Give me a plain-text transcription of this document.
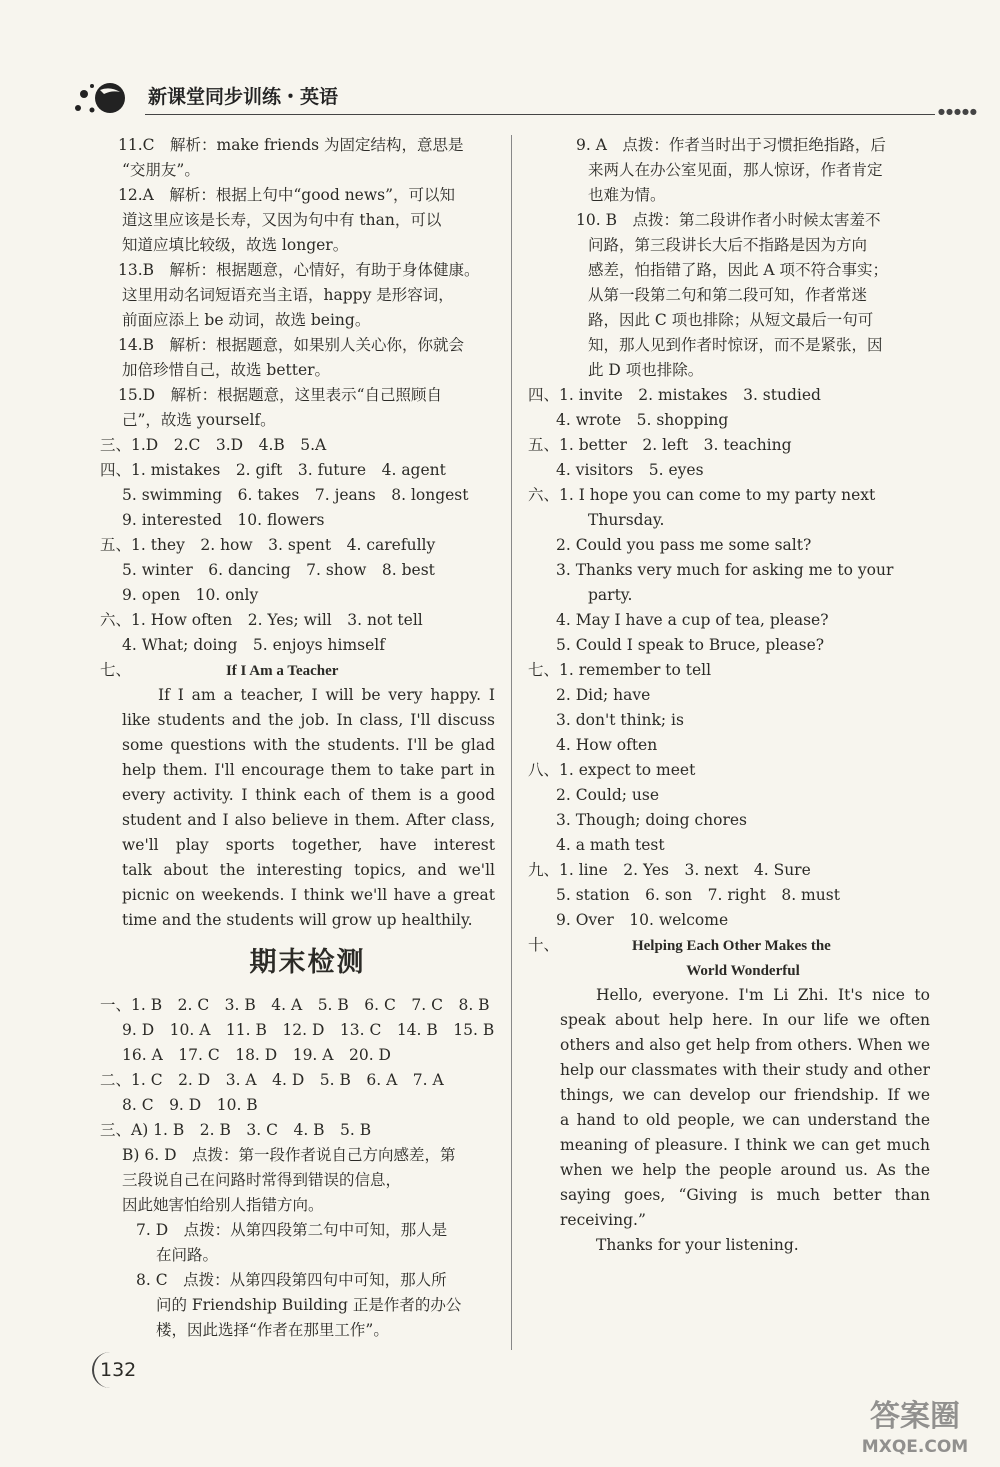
新课堂同步训练・英语
●●●●●
11.C　解析：make friends 为固定结构，意思是
“交朋友”。
12.A　解析：根据上句中“good news”，可以知
道这里应该是长寿，又因为句中有 than，可以
知道应填比较级，故选 longer。
13.B　解析：根据题意，心情好，有助于身体健康。
这里用动名词短语充当主语，happy 是形容词，
前面应添上 be 动词，故选 being。
14.B　解析：根据题意，如果别人关心你，你就会
加倍珍惜自己，故选 better。
15.D　解析：根据题意，这里表示“自己照顾自
己”，故选 yourself。
三、1.D　2.C　3.D　4.B　5.A
四、1. mistakes　2. gift　3. future　4. agent
5. swimming　6. takes　7. jeans　8. longest
9. interested　10. flowers
五、1. they　2. how　3. spent　4. carefully
5. winter　6. dancing　7. show　8. best
9. open　10. only
六、1. How often　2. Yes; will　3. not tell
4. What; doing　5. enjoys himself
七、	If I Am a Teacher
If I am a teacher, I will be very happy. I
like students and the job. In class, I'll discuss
some questions with the students. I'll be glad
help them. I'll encourage them to take part in
every activity. I think each of them is a good
student and I also believe in them. After class,
we'll play sports together, have interest
talk about the interesting topics, and we'll
picnic on weekends. I think we'll have a great
time and the students will grow up healthily.
期末检测
一、1. B　2. C　3. B　4. A　5. B　6. C　7. C　8. B
9. D　10. A　11. B　12. D　13. C　14. B　15. B
16. A　17. C　18. D　19. A　20. D
二、1. C　2. D　3. A　4. D　5. B　6. A　7. A
8. C　9. D　10. B
三、A) 1. B　2. B　3. C　4. B　5. B
B) 6. D　点拨：第一段作者说自己方向感差，第
三段说自己在问路时常得到错误的信息，
因此她害怕给别人指错方向。
7. D　点拨：从第四段第二句中可知，那人是
在问路。
8. C　点拨：从第四段第四句中可知，那人所
问的 Friendship Building 正是作者的办公
楼，因此选择“作者在那里工作”。
9. A　点拨：作者当时出于习惯拒绝指路，后
来两人在办公室见面，那人惊讶，作者肯定
也难为情。
10. B　点拨：第二段讲作者小时候太害羞不
问路，第三段讲长大后不指路是因为方向
感差，怕指错了路，因此 A 项不符合事实；
从第一段第二句和第二段可知，作者常迷
路，因此 C 项也排除；从短文最后一句可
知，那人见到作者时惊讶，而不是紧张，因
此 D 项也排除。
四、1. invite　2. mistakes　3. studied
4. wrote　5. shopping
五、1. better　2. left　3. teaching
4. visitors　5. eyes
六、1. I hope you can come to my party next
Thursday.
2. Could you pass me some salt?
3. Thanks very much for asking me to your
party.
4. May I have a cup of tea, please?
5. Could I speak to Bruce, please?
七、1. remember to tell
2. Did; have
3. don't think; is
4. How often
八、1. expect to meet
2. Could; use
3. Though; doing chores
4. a math test
九、1. line　2. Yes　3. next　4. Sure
5. station　6. son　7. right　8. must
9. Over　10. welcome
十、	Helping Each Other Makes the
World Wonderful
Hello, everyone. I'm Li Zhi. It's nice to
speak about help here. In our life we often
others and also get help from others. When we
help our classmates with their study and other
things, we can develop our friendship. If we
a hand to old people, we can understand the
meaning of pleasure. I think we can get much
when we help the people around us. As the
saying goes, “Giving is much better than
receiving.”
Thanks for your listening.
132
答案圈
MXQE.COM
